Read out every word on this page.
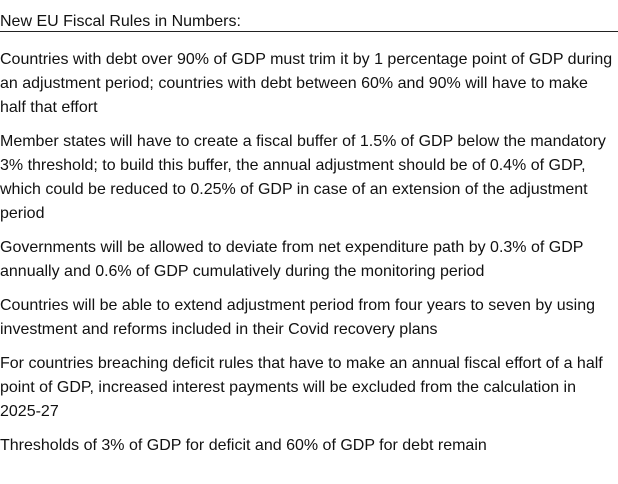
New EU Fiscal Rules in Numbers:
Countries with debt over 90% of GDP must trim it by 1 percentage point of GDP during an adjustment period; countries with debt between 60% and 90% will have to make half that effort
Member states will have to create a fiscal buffer of 1.5% of GDP below the mandatory 3% threshold; to build this buffer, the annual adjustment should be of 0.4% of GDP, which could be reduced to 0.25% of GDP in case of an extension of the adjustment period
Governments will be allowed to deviate from net expenditure path by 0.3% of GDP annually and 0.6% of GDP cumulatively during the monitoring period
Countries will be able to extend adjustment period from four years to seven by using investment and reforms included in their Covid recovery plans
For countries breaching deficit rules that have to make an annual fiscal effort of a half point of GDP, increased interest payments will be excluded from the calculation in 2025-27
Thresholds of 3% of GDP for deficit and 60% of GDP for debt remain
